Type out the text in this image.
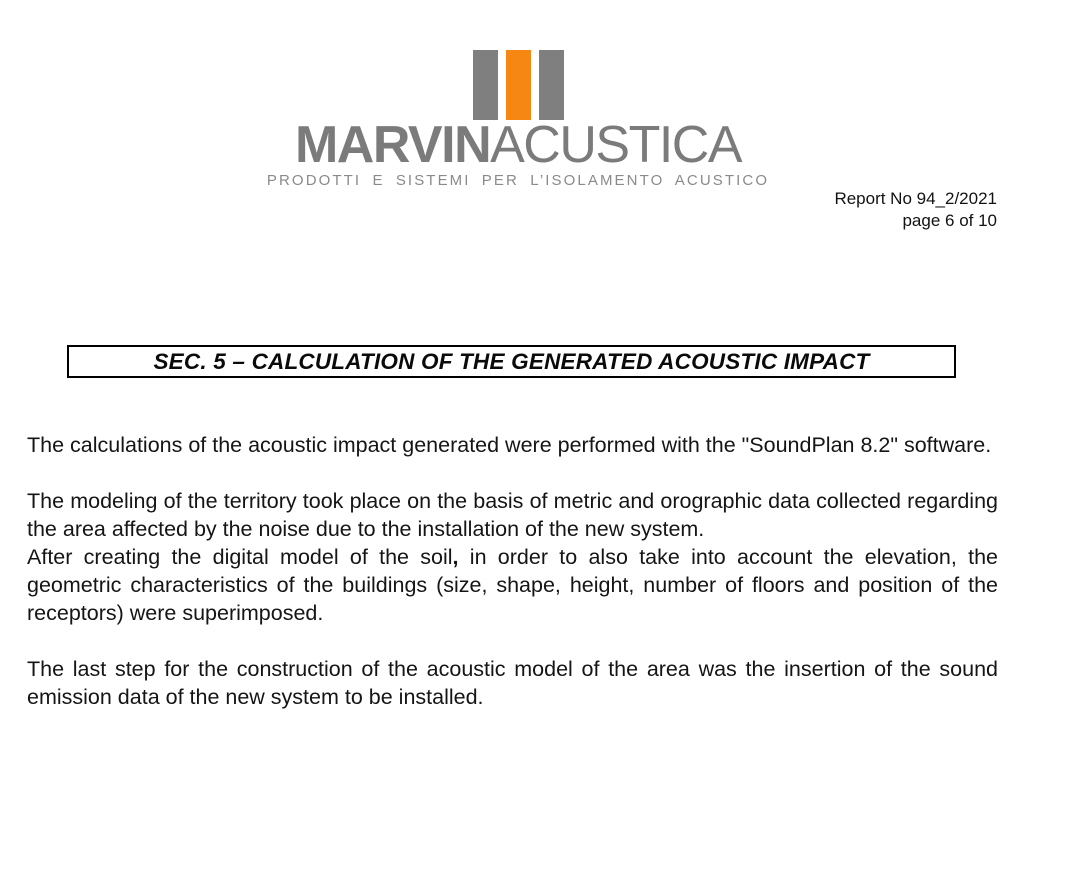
MARVINACUSTICA
PRODOTTI E SISTEMI PER L’ISOLAMENTO ACUSTICO
Report No 94_2/2021
page 6 of 10
SEC. 5 – CALCULATION OF THE GENERATED ACOUSTIC IMPACT

The calculations of the acoustic impact generated were performed with the "SoundPlan 8.2" software.

The modeling of the territory took place on the basis of metric and orographic data collected regarding the area affected by the noise due to the installation of the new system.

After creating the digital model of the soil, in order to also take into account the elevation, the geometric characteristics of the buildings (size, shape, height, number of floors and position of the receptors) were superimposed.

The last step for the construction of the acoustic model of the area was the insertion of the sound emission data of the new system to be installed.
